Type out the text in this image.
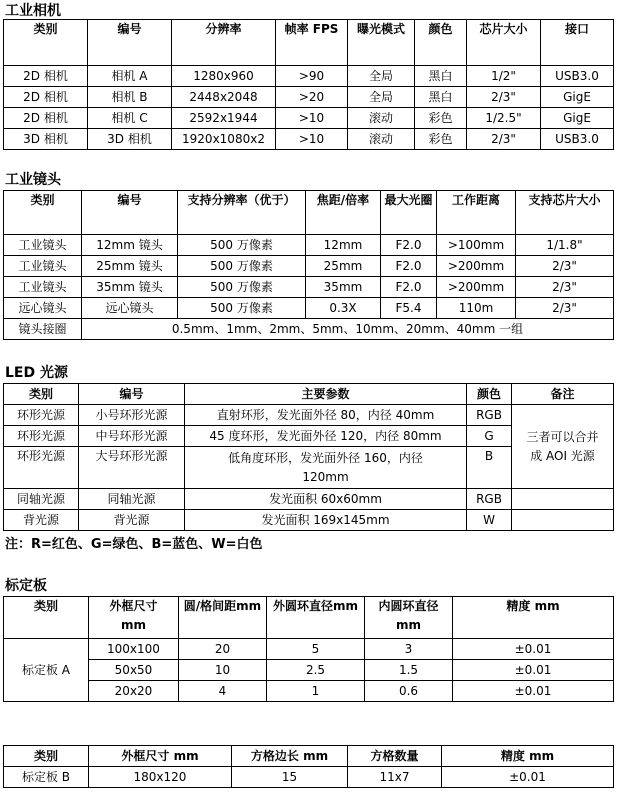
工业相机
类别	编号	分辨率	帧率 FPS	曝光模式	颜色	芯片大小	接口
2D 相机	相机 A	1280x960	>90	全局	黑白	1/2"	USB3.0
2D 相机	相机 B	2448x2048	>20	全局	黑白	2/3"	GigE
2D 相机	相机 C	2592x1944	>10	滚动	彩色	1/2.5"	GigE
3D 相机	3D 相机	1920x1080x2	>10	滚动	彩色	2/3"	USB3.0
工业镜头
类别	编号	支持分辨率（优于）	焦距/倍率	最大光圈	工作距离	支持芯片大小
工业镜头	12mm 镜头	500 万像素	12mm	F2.0	>100mm	1/1.8"
工业镜头	25mm 镜头	500 万像素	25mm	F2.0	>200mm	2/3"
工业镜头	35mm 镜头	500 万像素	35mm	F2.0	>200mm	2/3"
远心镜头	远心镜头	500 万像素	0.3X	F5.4	110m	2/3"
镜头接圈	0.5mm、1mm、2mm、5mm、10mm、20mm、40mm 一组					
LED 光源
类别	编号	主要参数	颜色	备注
环形光源	小号环形光源	直射环形，发光面外径 80，内径 40mm	RGB	三者可以合并成 AOI 光源

环形光源	中号环形光源	45 度环形，发光面外径 120，内径 80mm	G	
环形光源	大号环形光源	低角度环形，发光面外径 160，内径120mm	B	
同轴光源	同轴光源	发光面积 60x60mm	RGB	
背光源	背光源	发光面积 169x145mm	W	
注：R=红色、G=绿色、B=蓝色、W=白色
标定板
类别	外框尺寸mm	圆/格间距mm	外圆环直径mm	内圆环直径mm	精度 mm
标定板 A	100x100	20	5	3	±0.01
	50x50	10	2.5	1.5	±0.01
	20x20	4	1	0.6	±0.01
类别	外框尺寸 mm	方格边长 mm	方格数量	精度 mm
标定板 B	180x120	15	11x7	±0.01
